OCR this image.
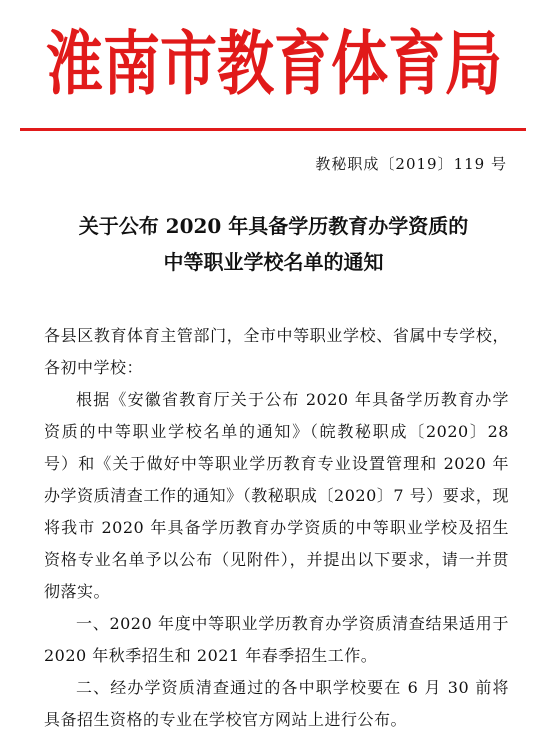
淮南市教育体育局
教秘职成〔2019〕119 号
关于公布 2020 年具备学历教育办学资质的
中等职业学校名单的通知

各县区教育体育主管部门，全市中等职业学校、省属中专学校，各初中学校：

根据《安徽省教育厅关于公布 2020 年具备学历教育办学资质的中等职业学校名单的通知》（皖教秘职成〔2020〕28 号）和《关于做好中等职业学历教育专业设置管理和 2020 年办学资质清查工作的通知》（教秘职成〔2020〕7 号）要求，现将我市 2020 年具备学历教育办学资质的中等职业学校及招生资格专业名单予以公布（见附件），并提出以下要求，请一并贯彻落实。

一、2020 年度中等职业学历教育办学资质清查结果适用于 2020 年秋季招生和 2021 年春季招生工作。

二、经办学资质清查通过的各中职学校要在 6 月 30 前将具备招生资格的专业在学校官方网站上进行公布。
